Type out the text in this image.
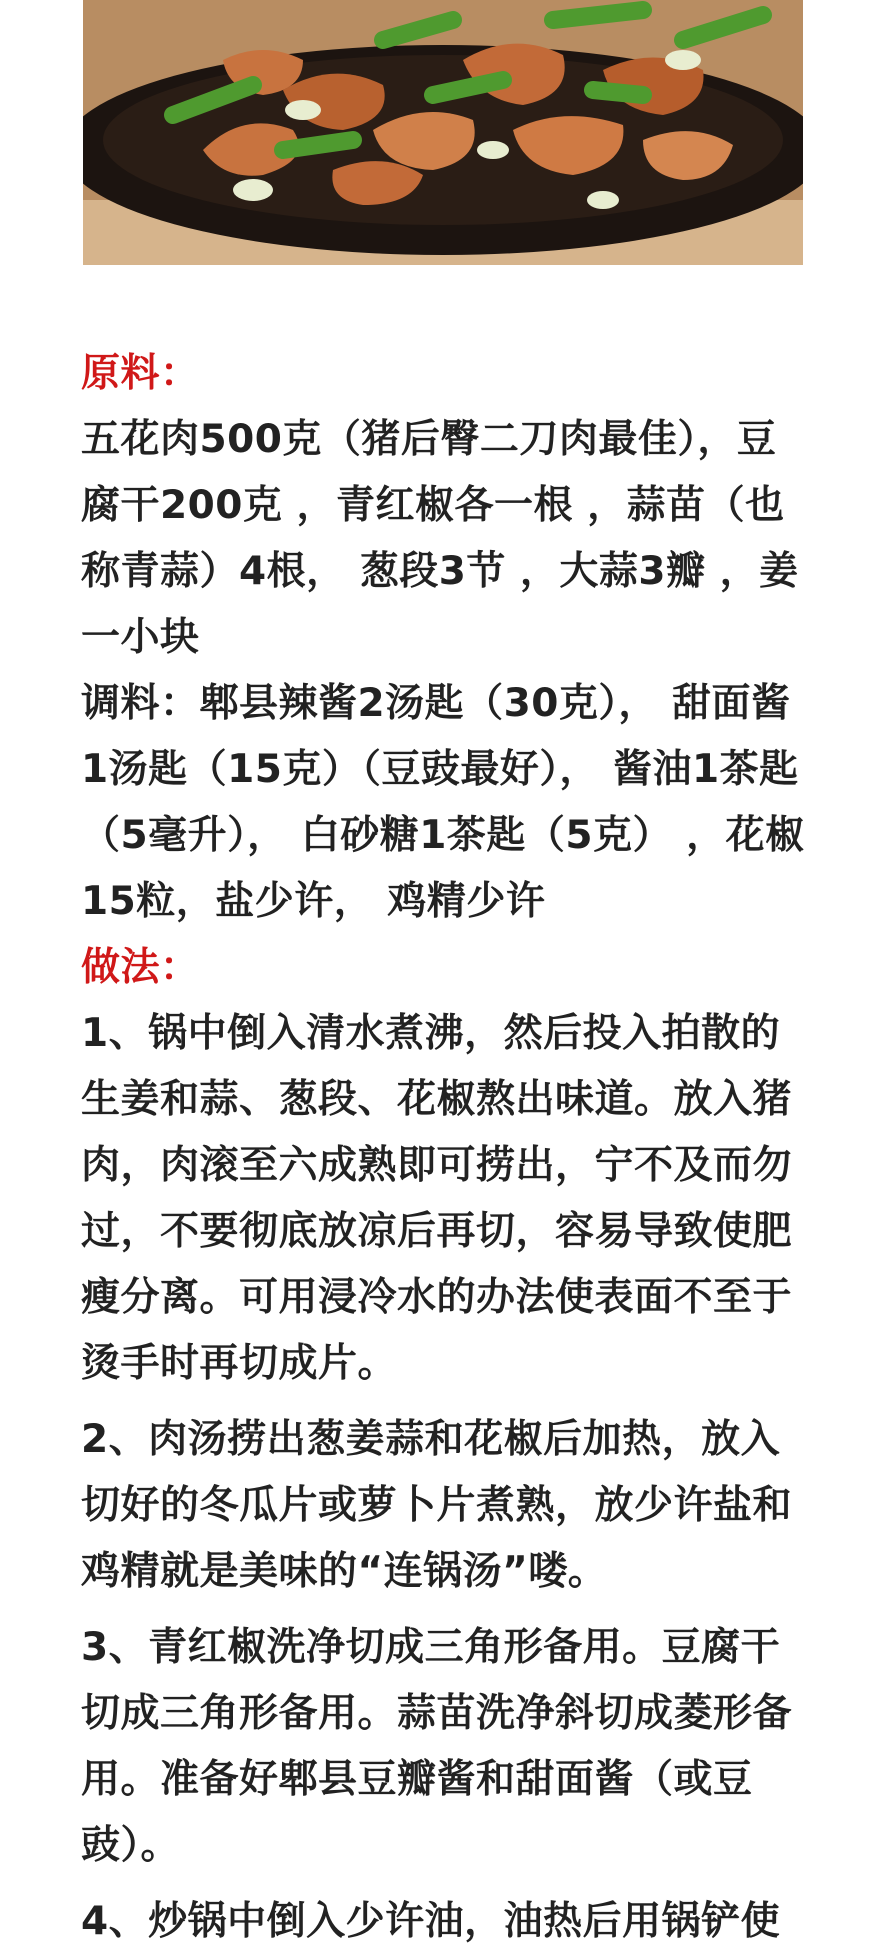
原料：

五花肉500克（猪后臀二刀肉最佳），豆腐干200克 ，青红椒各一根 ，蒜苗（也称青蒜）4根， 葱段3节 ，大蒜3瓣 ，姜一小块

调料：郫县辣酱2汤匙（30克）， 甜面酱1汤匙（15克）（豆豉最好）， 酱油1茶匙（5毫升）， 白砂糖1茶匙（5克） ，花椒15粒，盐少许， 鸡精少许

做法：

1、锅中倒入清水煮沸，然后投入拍散的生姜和蒜、葱段、花椒熬出味道。放入猪肉，肉滚至六成熟即可捞出，宁不及而勿过，不要彻底放凉后再切，容易导致使肥瘦分离。可用浸冷水的办法使表面不至于烫手时再切成片。

2、肉汤捞出葱姜蒜和花椒后加热，放入切好的冬瓜片或萝卜片煮熟，放少许盐和鸡精就是美味的“连锅汤”喽。

3、青红椒洗净切成三角形备用。豆腐干切成三角形备用。蒜苗洗净斜切成菱形备用。准备好郫县豆瓣酱和甜面酱（或豆豉）。

4、炒锅中倒入少许油，油热后用锅铲使
